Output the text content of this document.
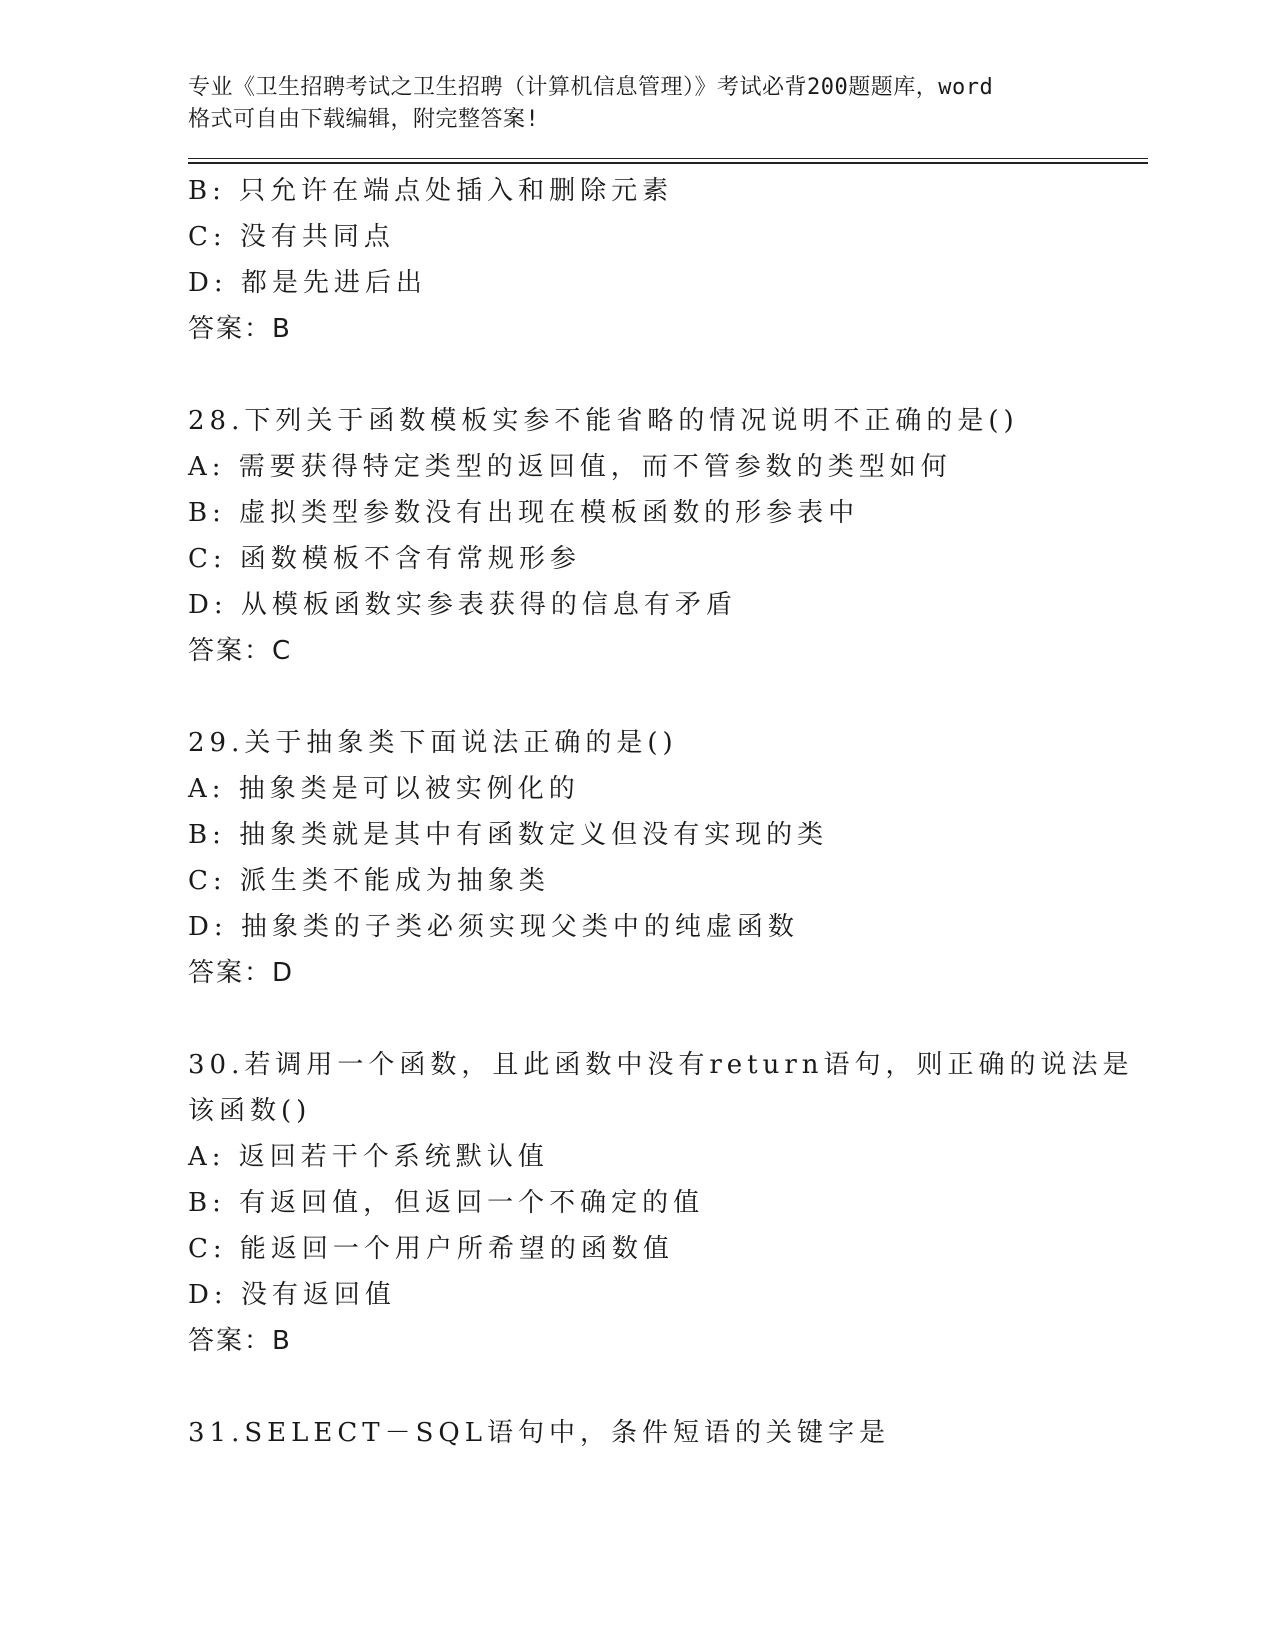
专业《卫生招聘考试之卫生招聘（计算机信息管理）》考试必背200题题库，word
格式可自由下载编辑，附完整答案!

B: 只允许在端点处插入和删除元素
C: 没有共同点
D: 都是先进后出
答案：B
28.下列关于函数模板实参不能省略的情况说明不正确的是()
A: 需要获得特定类型的返回值，而不管参数的类型如何
B: 虚拟类型参数没有出现在模板函数的形参表中
C: 函数模板不含有常规形参
D: 从模板函数实参表获得的信息有矛盾
答案：C
29.关于抽象类下面说法正确的是()
A: 抽象类是可以被实例化的
B: 抽象类就是其中有函数定义但没有实现的类
C: 派生类不能成为抽象类
D: 抽象类的子类必须实现父类中的纯虚函数
答案：D
30.若调用一个函数，且此函数中没有return语句，则正确的说法是
该函数()
A: 返回若干个系统默认值
B: 有返回值，但返回一个不确定的值
C: 能返回一个用户所希望的函数值
D: 没有返回值
答案：B
31.SELECT－SQL语句中，条件短语的关键字是
